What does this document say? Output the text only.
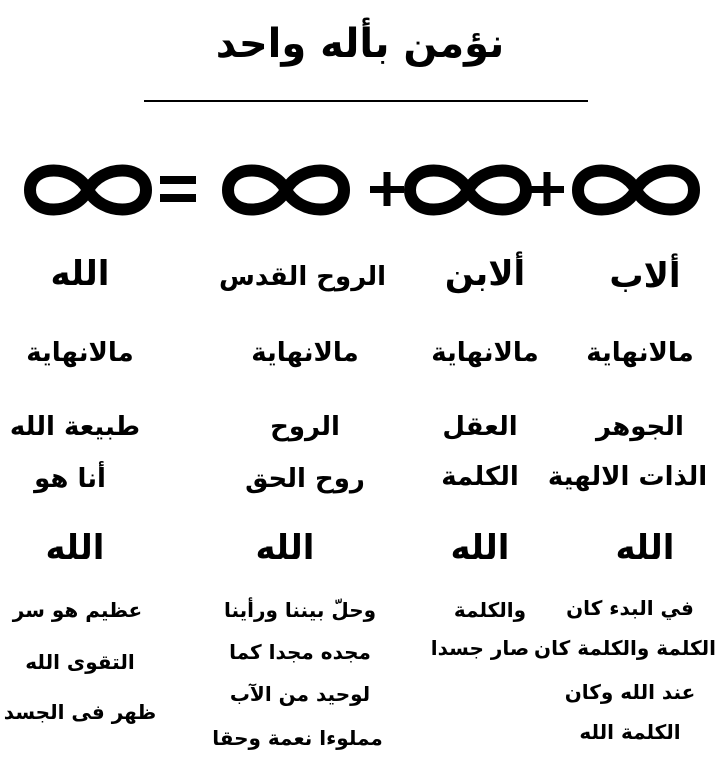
نؤمن بأله واحد
ألاب
مالانهاية
الجوهر
الذات الالهية
الله
في البدء كان
الكلمة والكلمة كان
عند الله وكان
الكلمة الله
ألابن
مالانهاية
العقل
الكلمة
الله
والكلمة
صار جسدا
الروح القدس
مالانهاية
الروح
روح الحق
الله
وحلّ بيننا ورأينا
مجده مجدا كما
لوحيد من الآب
مملوءا نعمة وحقا
الله
مالانهاية
طبيعة الله
أنا هو
الله
عظيم هو سر
التقوى الله
ظهر فى الجسد
